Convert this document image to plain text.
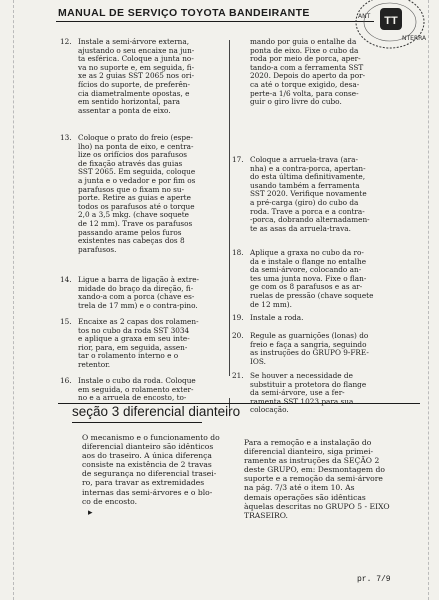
MANUAL DE SERVIÇO TOYOTA BANDEIRANTE
TT
ANT
NTERRA
12. Instale a semi-árvore externa,
ajustando o seu encaixe na jun-
ta esférica. Coloque a junta no-
va no suporte e, em seguida, fi-
xe as 2 guias SST 2065 nos ori-
fícios do suporte, de preferên-
cia diametralmente opostas, e
em sentido horizontal, para
assentar a ponta de eixo.
13. Coloque o prato do freio (espe-
lho) na ponta de eixo, e centra-
lize os orifícios dos parafusos
de fixação através das guias
SST 2065. Em seguida, coloque
a junta e o vedador e por fim os
parafusos que o fixam no su-
porte. Retire as guias e aperte
todos os parafusos até o torque
2,0 a 3,5 mkg. (chave soquete
de 12 mm). Trave os parafusos
passando arame pelos furos
existentes nas cabeças dos 8
parafusos.
14. Ligue a barra de ligação à extre-
midade do braço da direção, fi-
xando-a com a porca (chave es-
trela de 17 mm) e o contra-pino.
15. Encaixe as 2 capas dos rolamen-
tos no cubo da roda SST 3034
e aplique a graxa em seu inte-
rior, para, em seguida, assen-
tar o rolamento interno e o
retentor.
16. Instale o cubo da roda. Coloque
em seguida, o rolamento exter-
no e a arruela de encosto, to-
mando por guia o entalhe da
ponta de eixo. Fixe o cubo da
roda por meio de porca, aper-
tando-a com a ferramenta SST
2020. Depois do aperto da por-
ca até o torque exigido, desa-
perte-a 1/6 volta, para conse-
guir o giro livre do cubo.
17. Coloque a arruela-trava (ara-
nha) e a contra-porca, apertan-
do esta última definitivamente,
usando também a ferramenta
SST 2020. Verifique novamente
a pré-carga (giro) do cubo da
roda. Trave a porca e a contra-
-porca, dobrando alternadamen-
te as asas da arruela-trava.
18. Aplique a graxa no cubo da ro-
da e instale o flange no entalhe
da semi-árvore, colocando an-
tes uma junta nova. Fixe o flan-
ge com os 8 parafusos e as ar-
ruelas de pressão (chave soquete
de 12 mm).
19. Instale a roda.
20. Regule as guarnições (lonas) do
freio e faça a sangria, seguindo
as instruções do GRUPO 9-FRE-
IOS.
21. Se houver a necessidade de
substituir a protetora do flange
da semi-árvore, use a fer-
ramenta SST 1023 para sua
colocação.
seção 3 diferencial dianteiro
O mecanismo e o funcionamento do
diferencial dianteiro são idênticos
aos do traseiro. A única diferença
consiste na existência de 2 travas
de segurança no diferencial trasei-
ro, para travar as extremidades
internas das semi-árvores e o blo-
co de encosto.
▸
Para a remoção e a instalação do
diferencial dianteiro, siga primei-
ramente as instruções da SEÇÃO 2
deste GRUPO, em: Desmontagem do
suporte e a remoção da semi-árvore
na pág. 7/3 até o item 10. As
demais operações são idênticas
àquelas descritas no GRUPO 5 - EIXO
TRASEIRO.
pr. 7/9
